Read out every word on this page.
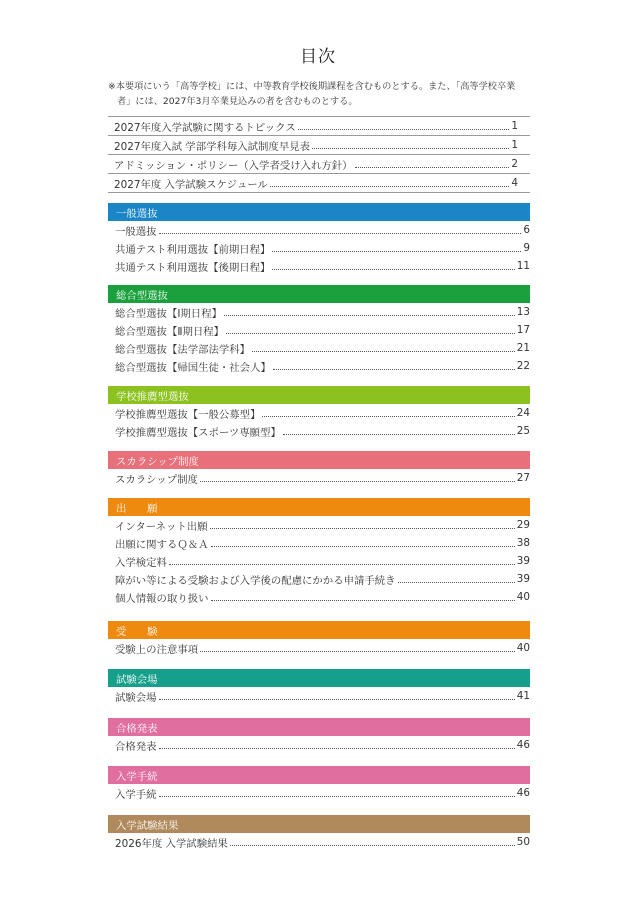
目次
※本要項にいう「高等学校」には、中等教育学校後期課程を含むものとする。また、「高等学校卒業
者」には、2027年3月卒業見込みの者を含むものとする。
2027年度入学試験に関するトピックス	1
2027年度入試 学部学科毎入試制度早見表	1
アドミッション・ポリシー（入学者受け入れ方針）	2
2027年度 入学試験スケジュール	4
一般選抜
一般選抜	6
共通テスト利用選抜【前期日程】	9
共通テスト利用選抜【後期日程】	11
総合型選抜
総合型選抜【Ⅰ期日程】	13
総合型選抜【Ⅱ期日程】	17
総合型選抜【法学部法学科】	21
総合型選抜【帰国生徒・社会人】	22
学校推薦型選抜
学校推薦型選抜【一般公募型】	24
学校推薦型選抜【スポーツ専願型】	25
スカラシップ制度
スカラシップ制度	27
出　　願
インターネット出願	29
出願に関するＱ＆Ａ	38
入学検定料	39
障がい等による受験および入学後の配慮にかかる申請手続き	39
個人情報の取り扱い	40
受　　験
受験上の注意事項	40
試験会場
試験会場	41
合格発表
合格発表	46
入学手続
入学手続	46
入学試験結果
2026年度 入学試験結果	50
